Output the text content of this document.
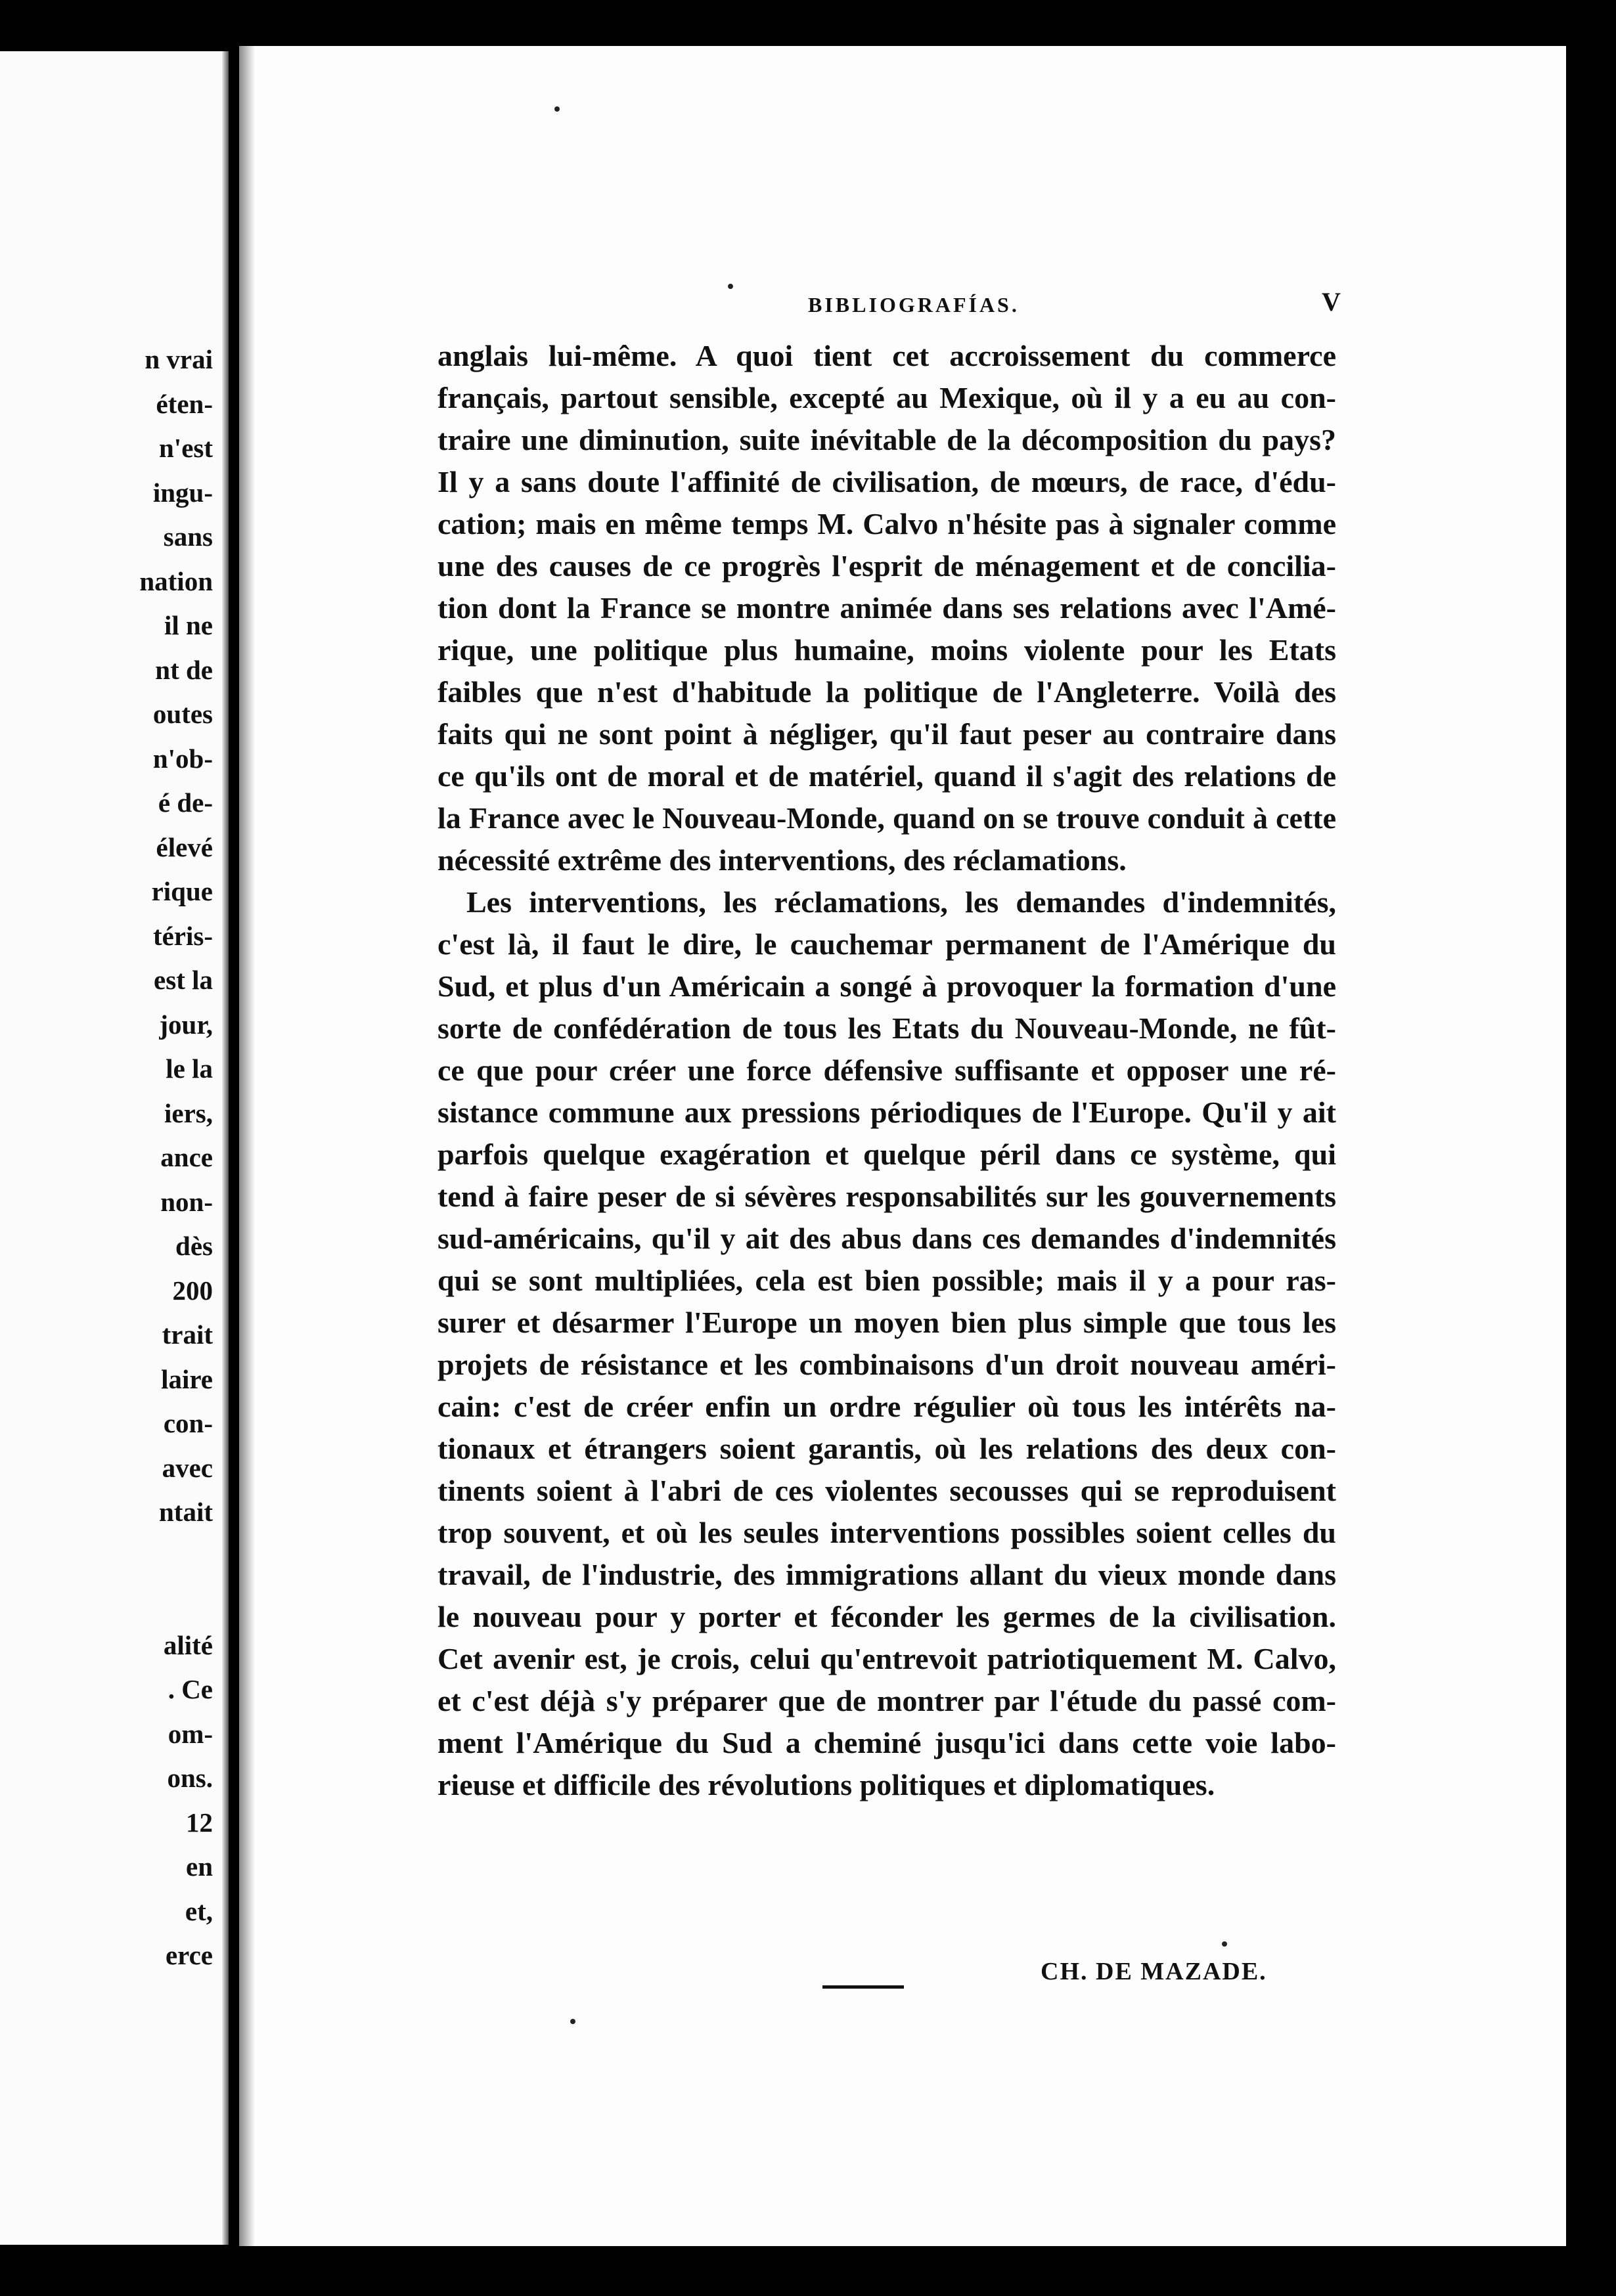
n vrai
éten-
n'est
ingu-
sans
nation
il ne
nt de
outes
n'ob-
é de-
élevé
rique
téris-
est la
jour,
le la
iers,
ance
non-
dès
200
trait
laire
con-
avec
ntait
alité
. Ce
om-
ons.
12
en
et,
erce
BIBLIOGRAFÍAS.	V
anglais lui-même. A quoi tient cet accroissement du commerce
français, partout sensible, excepté au Mexique, où il y a eu au con-
traire une diminution, suite inévitable de la décomposition du pays?
Il y a sans doute l'affinité de civilisation, de mœurs, de race, d'édu-
cation; mais en même temps M. Calvo n'hésite pas à signaler comme
une des causes de ce progrès l'esprit de ménagement et de concilia-
tion dont la France se montre animée dans ses relations avec l'Amé-
rique, une politique plus humaine, moins violente pour les Etats
faibles que n'est d'habitude la politique de l'Angleterre. Voilà des
faits qui ne sont point à négliger, qu'il faut peser au contraire dans
ce qu'ils ont de moral et de matériel, quand il s'agit des relations de
la France avec le Nouveau-Monde, quand on se trouve conduit à cette
nécessité extrême des interventions, des réclamations.
Les interventions, les réclamations, les demandes d'indemnités,
c'est là, il faut le dire, le cauchemar permanent de l'Amérique du
Sud, et plus d'un Américain a songé à provoquer la formation d'une
sorte de confédération de tous les Etats du Nouveau-Monde, ne fût-
ce que pour créer une force défensive suffisante et opposer une ré-
sistance commune aux pressions périodiques de l'Europe. Qu'il y ait
parfois quelque exagération et quelque péril dans ce système, qui
tend à faire peser de si sévères responsabilités sur les gouvernements
sud-américains, qu'il y ait des abus dans ces demandes d'indemnités
qui se sont multipliées, cela est bien possible; mais il y a pour ras-
surer et désarmer l'Europe un moyen bien plus simple que tous les
projets de résistance et les combinaisons d'un droit nouveau améri-
cain: c'est de créer enfin un ordre régulier où tous les intérêts na-
tionaux et étrangers soient garantis, où les relations des deux con-
tinents soient à l'abri de ces violentes secousses qui se reproduisent
trop souvent, et où les seules interventions possibles soient celles du
travail, de l'industrie, des immigrations allant du vieux monde dans
le nouveau pour y porter et féconder les germes de la civilisation.
Cet avenir est, je crois, celui qu'entrevoit patriotiquement M. Calvo,
et c'est déjà s'y préparer que de montrer par l'étude du passé com-
ment l'Amérique du Sud a cheminé jusqu'ici dans cette voie labo-
rieuse et difficile des révolutions politiques et diplomatiques.
CH. DE MAZADE.
